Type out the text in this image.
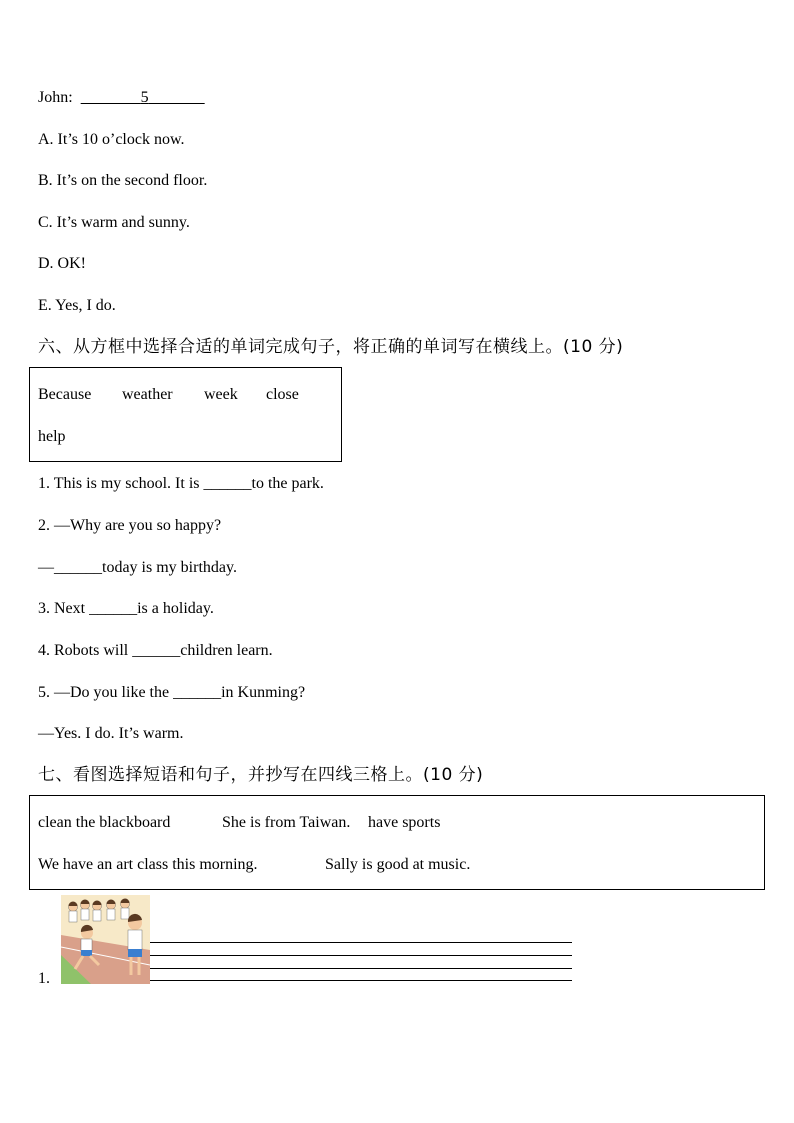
John:	5
A. It’s 10 o’clock now.
B. It’s on the second floor.
C. It’s warm and sunny.
D. OK!
E. Yes, I do.
六、从方框中选择合适的单词完成句子，将正确的单词写在横线上。(10 分)
Because weather week close
help
1. This is my school. It is ______to the park.
2. —Why are you so happy?
—______today is my birthday.
3. Next ______is a holiday.
4. Robots will ______children learn.
5. —Do you like the ______in Kunming?
—Yes. I do. It’s warm.
七、看图选择短语和句子，并抄写在四线三格上。(10 分)
clean the blackboard	She is from Taiwan. have sports
We have an art class this morning.	Sally is good at music.
1.
